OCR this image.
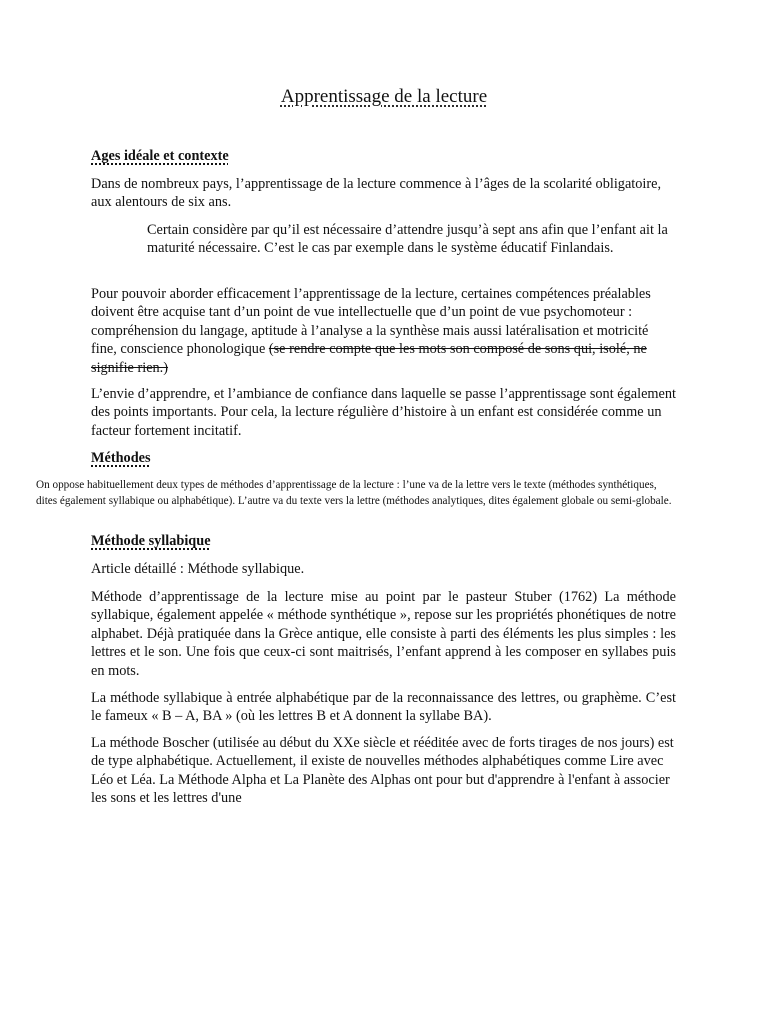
Apprentissage de la lecture
Ages idéale et contexte

Dans de nombreux pays, l’apprentissage de la lecture commence à l’âges de la scolarité obligatoire, aux alentours de six ans.

Certain considère par qu’il est nécessaire d’attendre jusqu’à sept ans afin que l’enfant ait la maturité nécessaire. C’est le cas par exemple dans le système éducatif Finlandais.

Pour pouvoir aborder efficacement l’apprentissage de la lecture, certaines compétences préalables doivent être acquise tant d’un point de vue intellectuelle que d’un point de vue psychomoteur : compréhension du langage, aptitude à l’analyse a la synthèse mais aussi latéralisation et motricité fine, conscience phonologique (se rendre compte que les mots son composé de sons qui, isolé, ne signifie rien.)

L’envie d’apprendre, et l’ambiance de confiance dans laquelle se passe l’apprentissage sont également des points importants. Pour cela, la lecture régulière d’histoire à un enfant est considérée comme un facteur fortement incitatif.

Méthodes

On oppose habituellement deux types de méthodes d’apprentissage de la lecture : l’une va de la lettre vers le texte (méthodes synthétiques, dites également syllabique ou alphabétique). L’autre va du texte vers la lettre (méthodes analytiques, dites également globale ou semi-globale.

Méthode syllabique

Article détaillé : Méthode syllabique.

Méthode d’apprentissage de la lecture mise au point par le pasteur Stuber (1762) La méthode syllabique, également appelée « méthode synthétique », repose sur les propriétés phonétiques de notre alphabet. Déjà pratiquée dans la Grèce antique, elle consiste à parti des éléments les plus simples : les lettres et le son. Une fois que ceux-ci sont maitrisés, l’enfant apprend à les composer en syllabes puis en mots.

La méthode syllabique à entrée alphabétique par de la reconnaissance des lettres, ou graphème. C’est le fameux « B – A, BA » (où les lettres B et A donnent la syllabe BA).

La méthode Boscher (utilisée au début du XXe siècle et rééditée avec de forts tirages de nos jours) est de type alphabétique. Actuellement, il existe de nouvelles méthodes alphabétiques comme Lire avec Léo et Léa. La Méthode Alpha et La Planète des Alphas ont pour but d'apprendre à l'enfant à associer les sons et les lettres d'une
